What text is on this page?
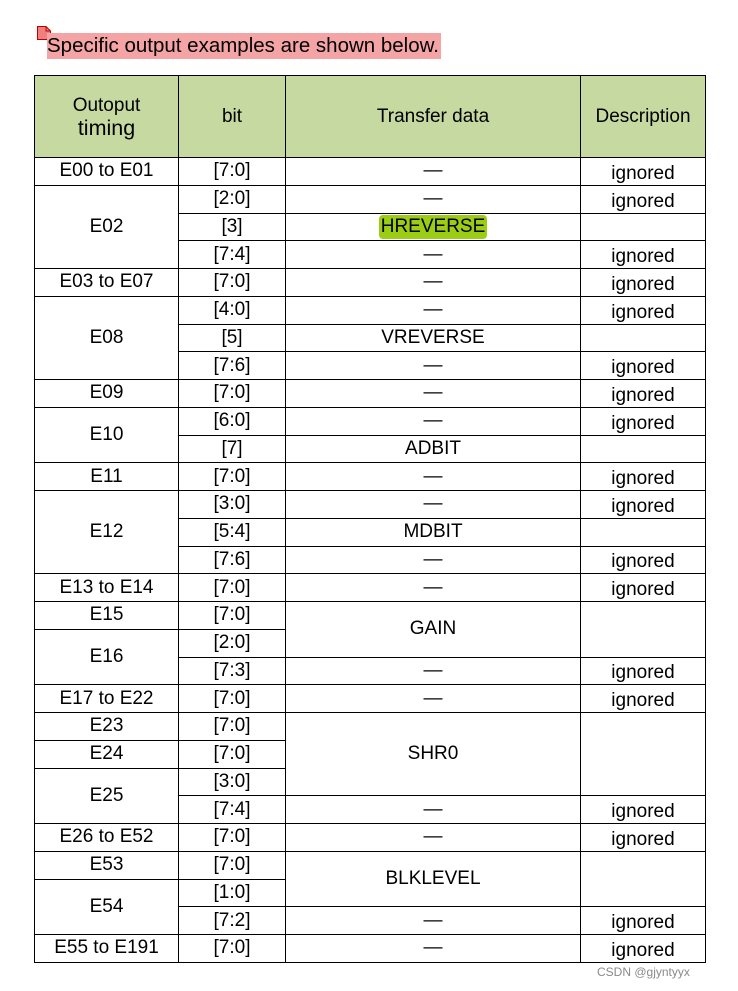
Specific output examples are shown below.
Outoput
timing	bit	Transfer data	Description
E00 to E01	[7:0]	—	ignored
E02	[2:0]	—	ignored
	[3]	HREVERSE	
	[7:4]	—	ignored
E03 to E07	[7:0]	—	ignored
E08	[4:0]	—	ignored
	[5]	VREVERSE	
	[7:6]	—	ignored
E09	[7:0]	—	ignored
E10	[6:0]	—	ignored
	[7]	ADBIT	
E11	[7:0]	—	ignored
E12	[3:0]	—	ignored
	[5:4]	MDBIT	
	[7:6]	—	ignored
E13 to E14	[7:0]	—	ignored
E15	[7:0]	GAIN	
E16	[2:0]		
	[7:3]	—	ignored
E17 to E22	[7:0]	—	ignored
E23	[7:0]	SHR0	
E24	[7:0]		
E25	[3:0]		
	[7:4]	—	ignored
E26 to E52	[7:0]	—	ignored
E53	[7:0]	BLKLEVEL	
E54	[1:0]		
	[7:2]	—	ignored
E55 to E191	[7:0]	—	ignored
CSDN @gjyntyyx
